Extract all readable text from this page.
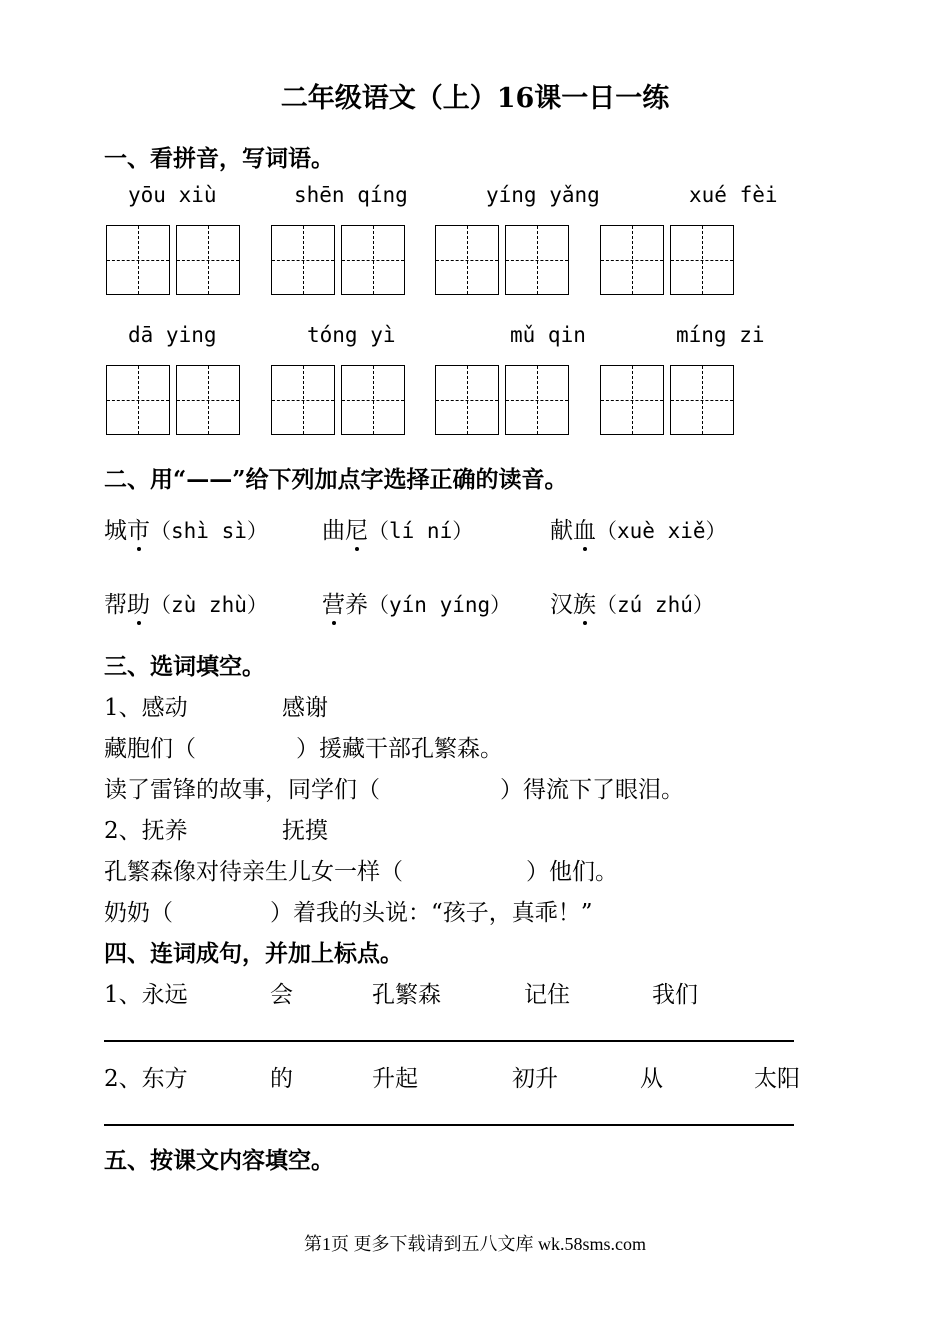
二年级语文（上）16课一日一练
一、看拼音，写词语。
yōu xiù	shēn qíng	yíng yǎng	xué fèi
dā ying	tóng yì	mǔ qin	míng zi
二、用“——”给下列加点字选择正确的读音。
城市（shì sì） 曲尼（lí ní）	献血（xuè xiě）
帮助（zù zhù） 营养（yín yíng） 汉族（zú zhú）
三、选词填空。
1、感动	感谢
藏胞们（	）援藏干部孔繁森。
读了雷锋的故事，同学们（	）得流下了眼泪。
2、抚养	抚摸
孔繁森像对待亲生儿女一样（	）他们。
奶奶（	）着我的头说：“孩子，真乖！”
四、连词成句，并加上标点。
1、永远	会	孔繁森	记住	我们
2、东方	的	升起	初升	从	太阳
五、按课文内容填空。
第1页 更多下载请到五八文库 wk.58sms.com
